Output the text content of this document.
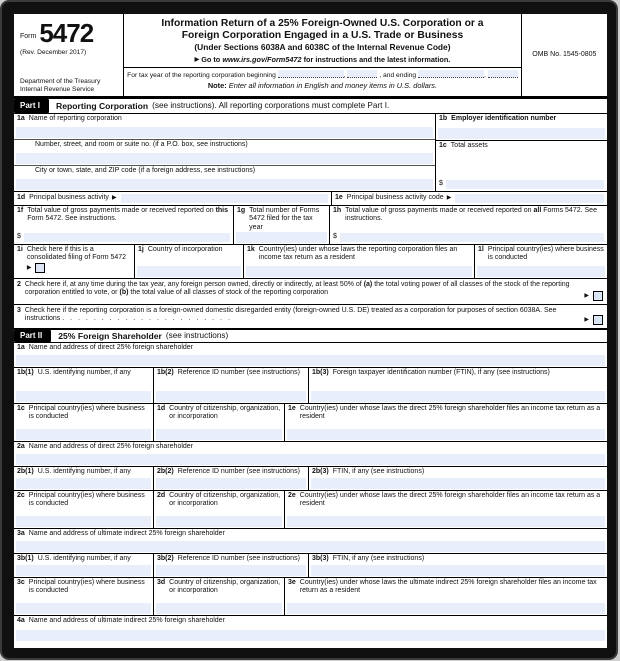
Form 5472
(Rev. December 2017)
Department of the Treasury
Internal Revenue Service
Information Return of a 25% Foreign-Owned U.S. Corporation or a
Foreign Corporation Engaged in a U.S. Trade or Business
(Under Sections 6038A and 6038C of the Internal Revenue Code)
▶ Go to www.irs.gov/Form5472 for instructions and the latest information.
For tax year of the reporting corporation beginning	,	, and ending	,
Note: Enter all information in English and money items in U.S. dollars.
OMB No. 1545-0805
Part I	Reporting Corporation (see instructions). All reporting corporations must complete Part I.
1a Name of reporting corporation
Number, street, and room or suite no. (if a P.O. box, see instructions)
City or town, state, and ZIP code (if a foreign address, see instructions)
1b Employer identification number
1c Total assets
$
1d Principal business activity ▶	1e Principal business activity code ▶
1f Total value of gross payments made or received reported on this Form 5472. See instructions.
$
1g Total number of Forms 5472 filed for the tax year
1h Total value of gross payments made or received reported on all Forms 5472. See instructions.
$
1i Check here if this is a consolidated filing of Form 5472 ▶
1j Country of incorporation	1k Country(ies) under whose laws the reporting corporation files an income tax return as a resident
1l Principal country(ies) where business is conducted
2 Check here if, at any time during the tax year, any foreign person owned, directly or indirectly, at least 50% of (a) the total voting power of all classes of the stock of the reporting corporation entitled to vote, or (b) the total value of all classes of stock of the reporting corporation	▶
3 Check here if the reporting corporation is a foreign-owned domestic disregarded entity (foreign-owned U.S. DE) treated as a corporation for purposes of section 6038A. See instructions . . . . . . . . . . . . . . . . . . . . . .	▶
Part II	25% Foreign Shareholder (see instructions)
1a Name and address of direct 25% foreign shareholder
1b(1) U.S. identifying number, if any	1b(2) Reference ID number (see instructions) 1b(3) Foreign taxpayer identification number (FTIN), if any (see instructions)
1c Principal country(ies) where business is conducted
1d Country of citizenship, organization, or incorporation
1e Country(ies) under whose laws the direct 25% foreign shareholder files an income tax return as a resident
2a Name and address of direct 25% foreign shareholder
2b(1) U.S. identifying number, if any	2b(2) Reference ID number (see instructions) 2b(3) FTIN, if any (see instructions)
2c Principal country(ies) where business is conducted
2d Country of citizenship, organization, or incorporation
2e Country(ies) under whose laws the direct 25% foreign shareholder files an income tax return as a resident
3a Name and address of ultimate indirect 25% foreign shareholder
3b(1) U.S. identifying number, if any	3b(2) Reference ID number (see instructions) 3b(3) FTIN, if any (see instructions)
3c Principal country(ies) where business is conducted
3d Country of citizenship, organization, or incorporation
3e Country(ies) under whose laws the ultimate indirect 25% foreign shareholder files an income tax return as a resident
4a Name and address of ultimate indirect 25% foreign shareholder
